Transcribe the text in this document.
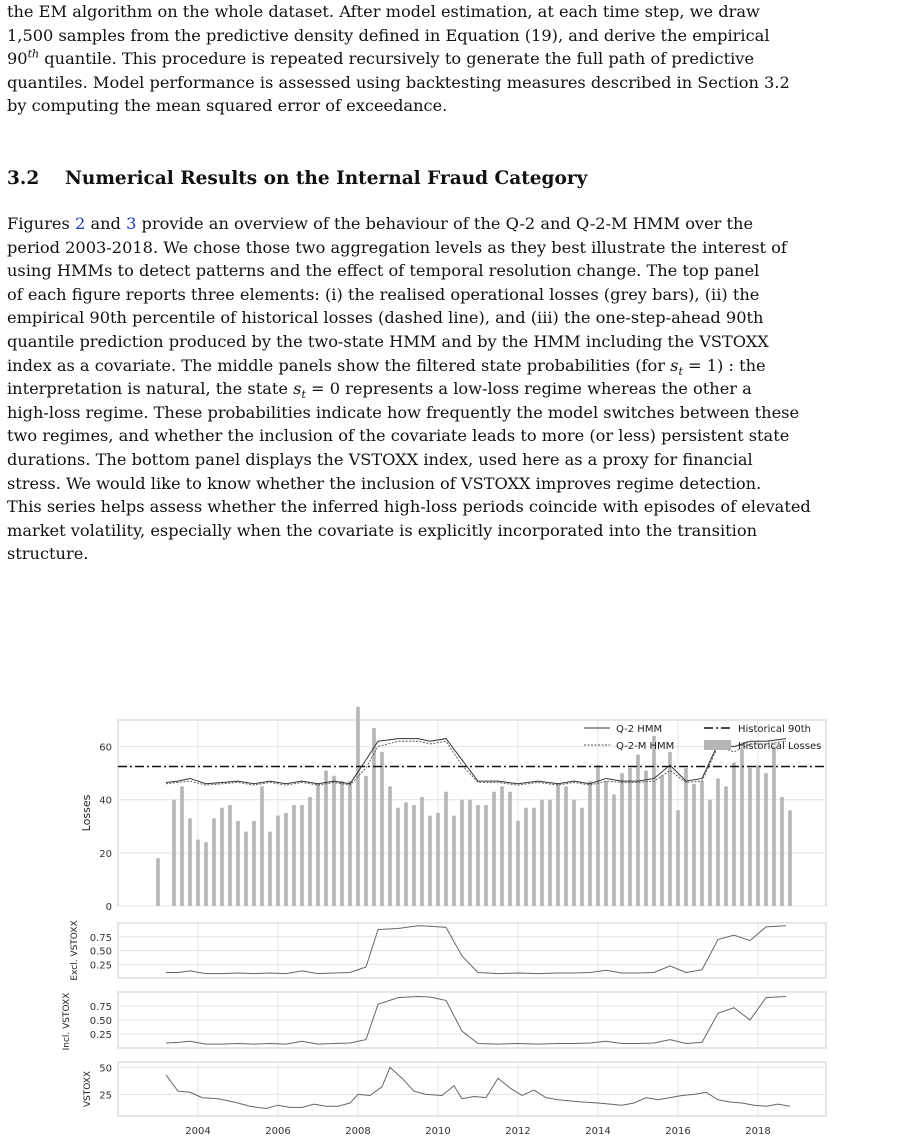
the EM algorithm on the whole dataset. After model estimation, at each time step, we draw
1,500 samples from the predictive density defined in Equation (19), and derive the empirical
90th quantile. This procedure is repeated recursively to generate the full path of predictive
quantiles. Model performance is assessed using backtesting measures described in Section 3.2
by computing the mean squared error of exceedance.
3.2 Numerical Results on the Internal Fraud Category
Figures 2 and 3 provide an overview of the behaviour of the Q-2 and Q-2-M HMM over the
period 2003-2018. We chose those two aggregation levels as they best illustrate the interest of
using HMMs to detect patterns and the effect of temporal resolution change. The top panel
of each figure reports three elements: (i) the realised operational losses (grey bars), (ii) the
empirical 90th percentile of historical losses (dashed line), and (iii) the one-step-ahead 90th
quantile prediction produced by the two-state HMM and by the HMM including the VSTOXX
index as a covariate. The middle panels show the filtered state probabilities (for $s_t = 1$) : the
interpretation is natural, the state $s_t = 0$ represents a low-loss regime whereas the other a
high-loss regime. These probabilities indicate how frequently the model switches between these
two regimes, and whether the inclusion of the covariate leads to more (or less) persistent state
durations. The bottom panel displays the VSTOXX index, used here as a proxy for financial
stress. We would like to know whether the inclusion of VSTOXX improves regime detection.
This series helps assess whether the inferred high-loss periods coincide with episodes of elevated
market volatility, especially when the covariate is explicitly incorporated into the transition
structure.
0
20
40
60
Q-2 HMM
Q-2-M HMM
Historical 90th
Historical Losses
0.25
0.50
0.75
0.25
0.50
0.75
25
50
2004	2006	2008	2010	2012	2014	2016	2018
Losses
Excl. VSTOXX
Incl. VSTOXX
VSTOXX
